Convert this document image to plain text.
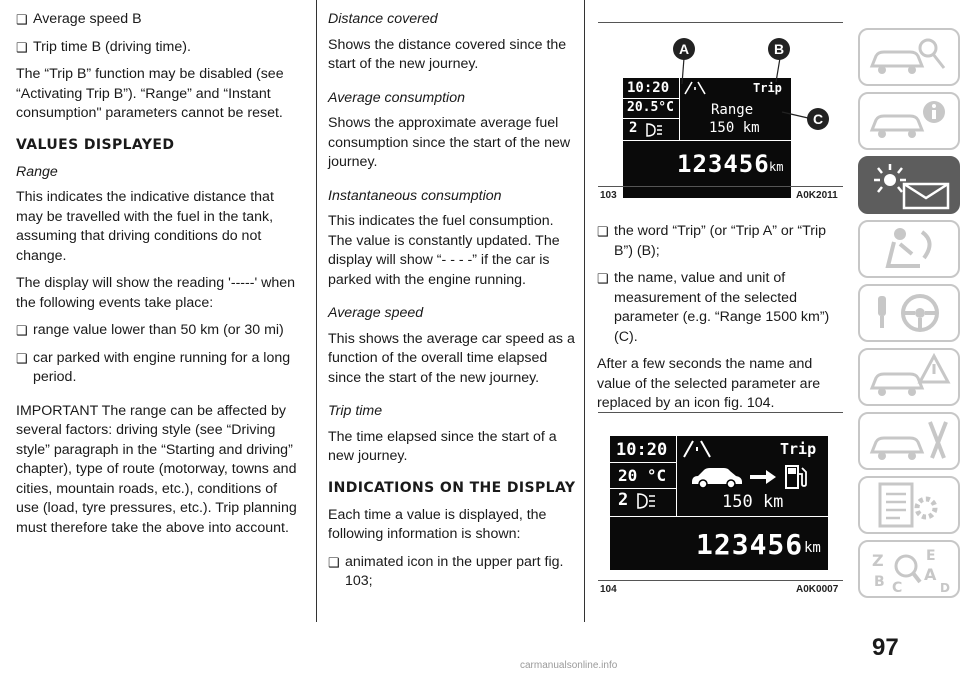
❑ Average speed B
❑ Trip time B (driving time).

The “Trip B” function may be disabled (see “Activating Trip B”). “Range” and “Instant consumption" parameters cannot be reset.

VALUES DISPLAYED

Range

This indicates the indicative distance that may be travelled with the fuel in the tank, assuming that driving conditions do not change.

The display will show the reading '-----' when the following events take place:

❑ range value lower than 50 km (or 30 mi)
❑ car parked with engine running for a long period.

IMPORTANT The range can be affected by several factors: driving style (see “Driving style” paragraph in the “Starting and driving” chapter), type of route (motorway, towns and cities, mountain roads, etc.), conditions of use (load, tyre pressures, etc.). Trip planning must therefore take the above into account.

Distance covered

Shows the distance covered since the start of the new journey.

Average consumption

Shows the approximate average fuel consumption since the start of the new journey.

Instantaneous consumption

This indicates the fuel consumption. The value is constantly updated. The display will show “- - - -” if the car is parked with the engine running.

Average speed

This shows the average car speed as a function of the overall time elapsed since the start of the new journey.

Trip time

The time elapsed since the start of a new journey.

INDICATIONS ON THE DISPLAY

Each time a value is displayed, the following information is shown:

❑ animated icon in the upper part fig. 103;
10:20
20.5°C
2
Trip
Range
150 km
123456 km
A	B
C
103	A0K2011
❑ the word “Trip” (or “Trip A” or “Trip B”) (B);
❑ the name, value and unit of measurement of the selected parameter (e.g. “Range 1500 km”) (C).

After a few seconds the name and value of the selected parameter are replaced by an icon fig. 104.

10:20
20 °C
2
Trip
150 km
123456 km
104	A0K0007
Z	E
A
B C	D
97
carmanualsonline.info
